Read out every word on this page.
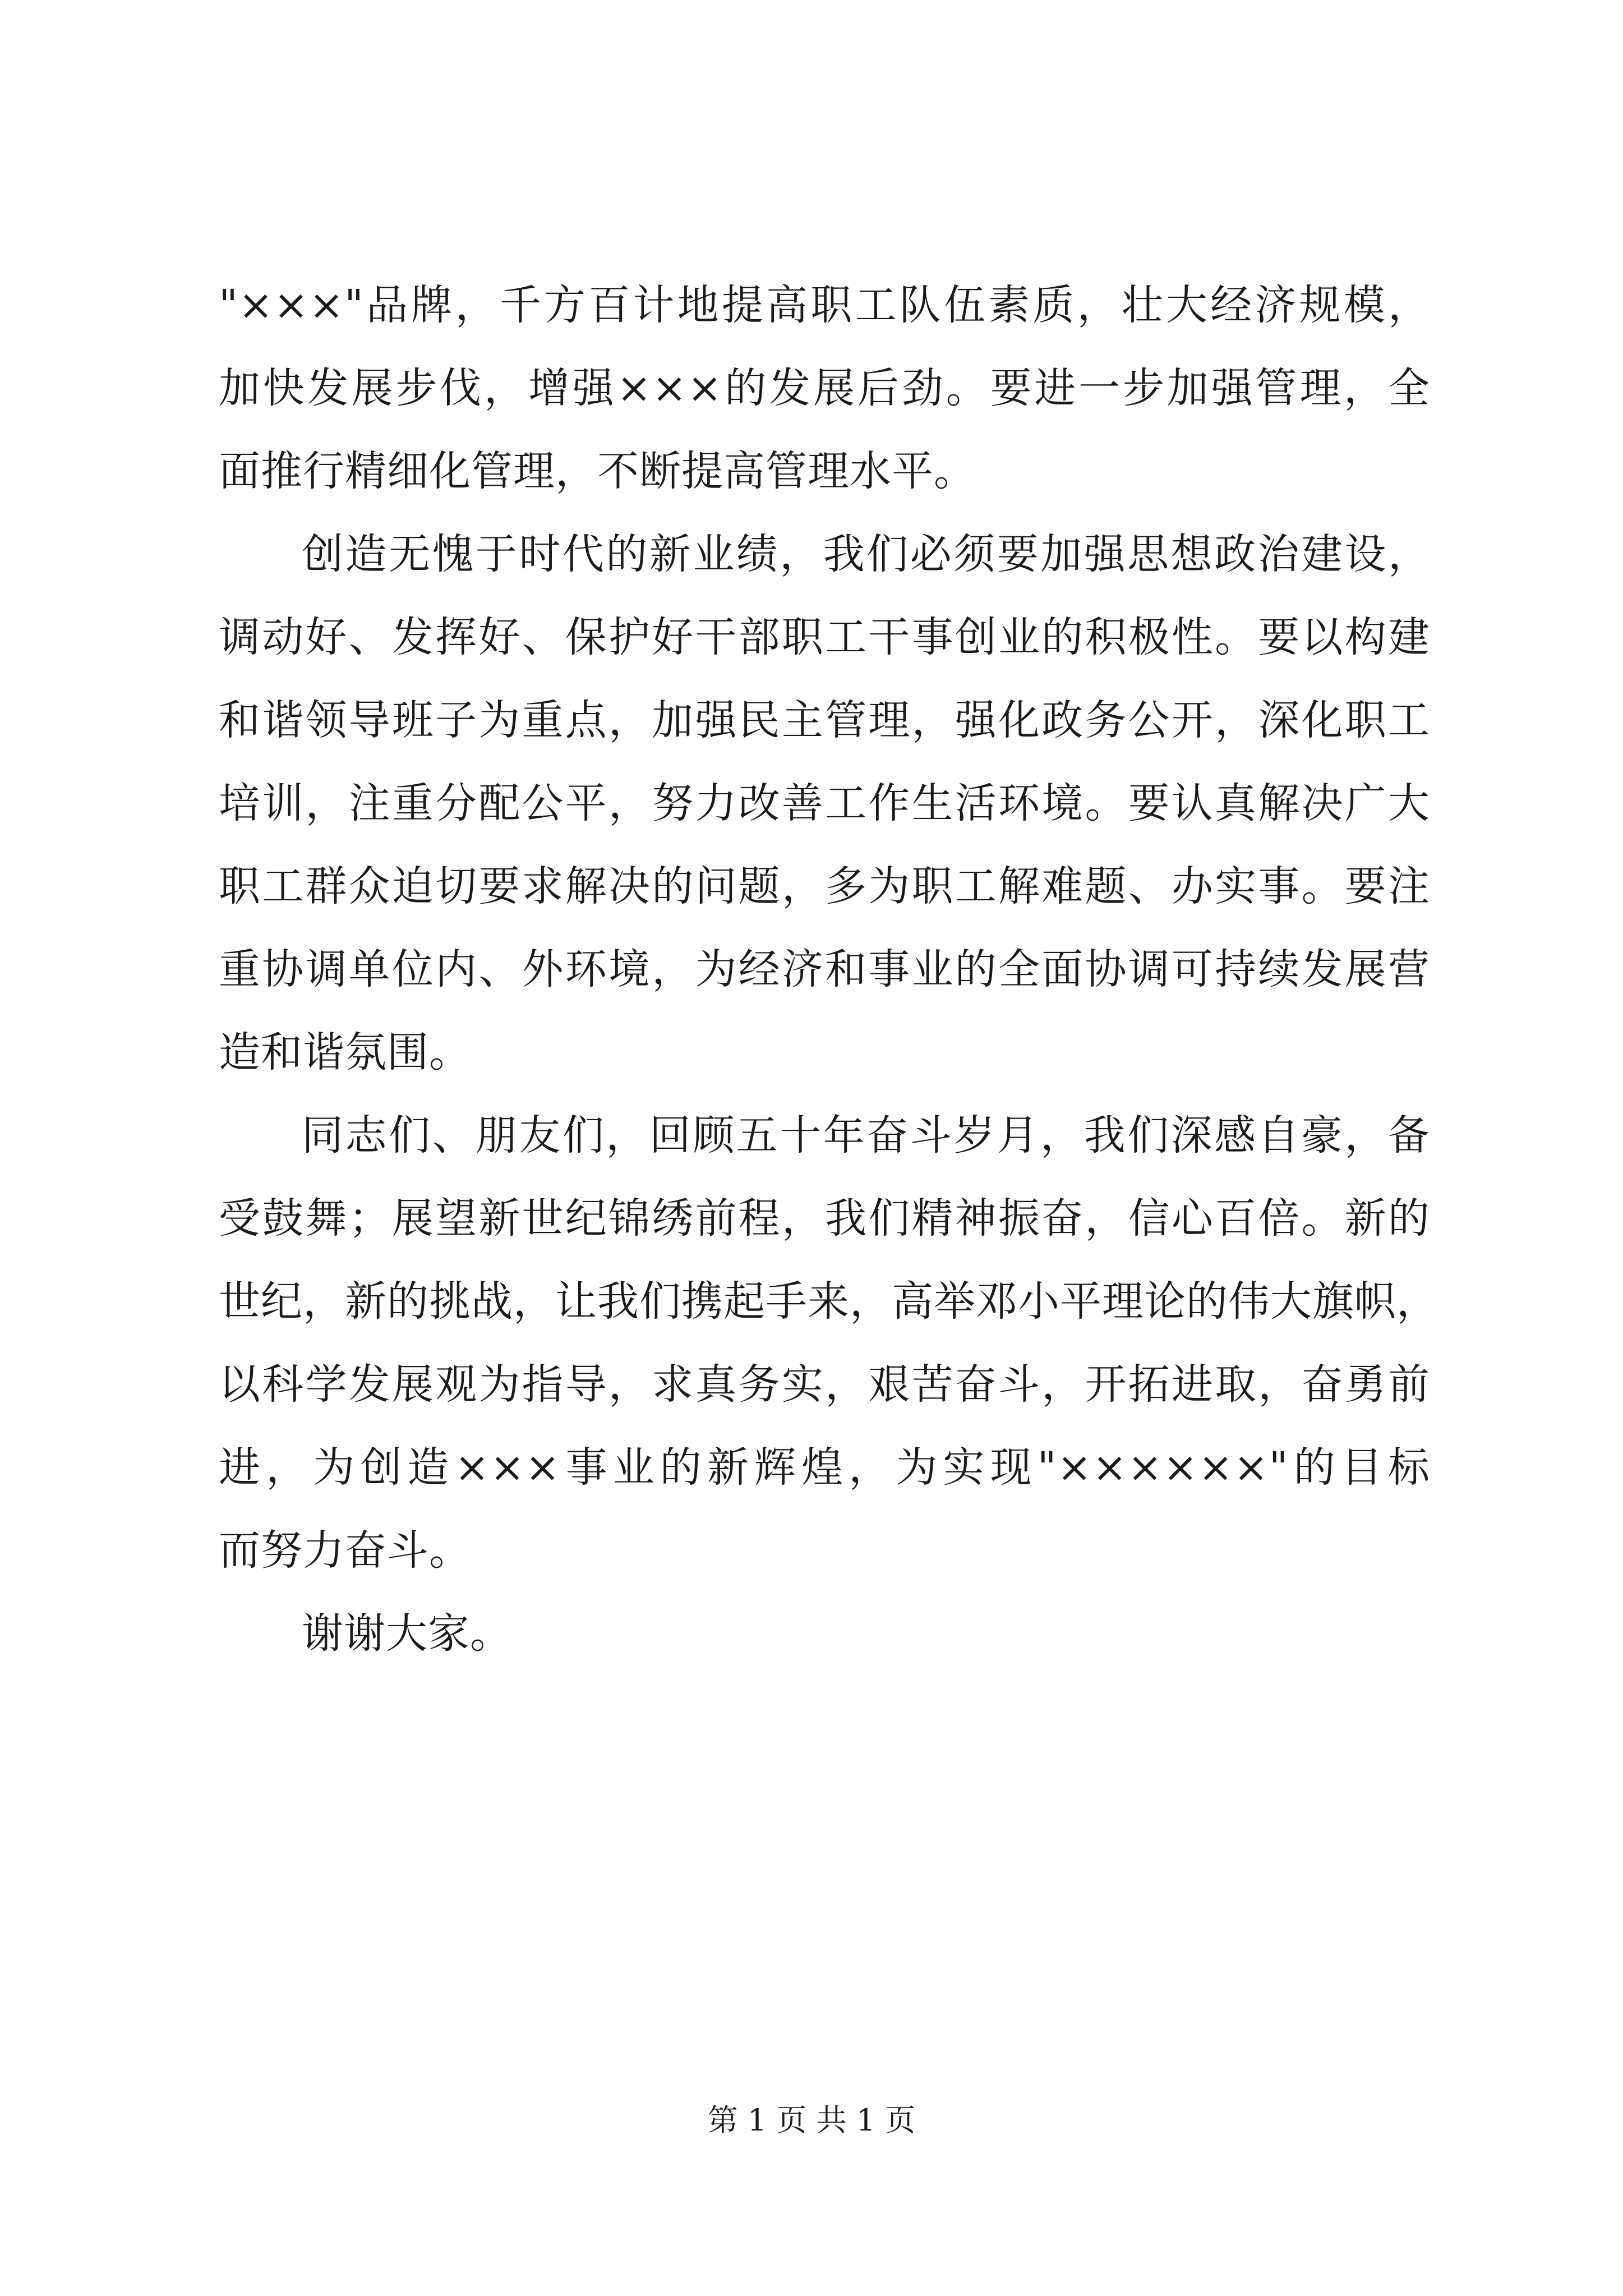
"×××"品牌，千方百计地提高职工队伍素质，壮大经济规模，
加快发展步伐，增强×××的发展后劲。要进一步加强管理，全
面推行精细化管理，不断提高管理水平。
创造无愧于时代的新业绩，我们必须要加强思想政治建设，
调动好、发挥好、保护好干部职工干事创业的积极性。要以构建
和谐领导班子为重点，加强民主管理，强化政务公开，深化职工
培训，注重分配公平，努力改善工作生活环境。要认真解决广大
职工群众迫切要求解决的问题，多为职工解难题、办实事。要注
重协调单位内、外环境，为经济和事业的全面协调可持续发展营
造和谐氛围。
同志们、朋友们，回顾五十年奋斗岁月，我们深感自豪，备
受鼓舞；展望新世纪锦绣前程，我们精神振奋，信心百倍。新的
世纪，新的挑战，让我们携起手来，高举邓小平理论的伟大旗帜，
以科学发展观为指导，求真务实，艰苦奋斗，开拓进取，奋勇前
进，为创造×××事业的新辉煌，为实现"××××××"的目标
而努力奋斗。
谢谢大家。
第 1 页 共 1 页
